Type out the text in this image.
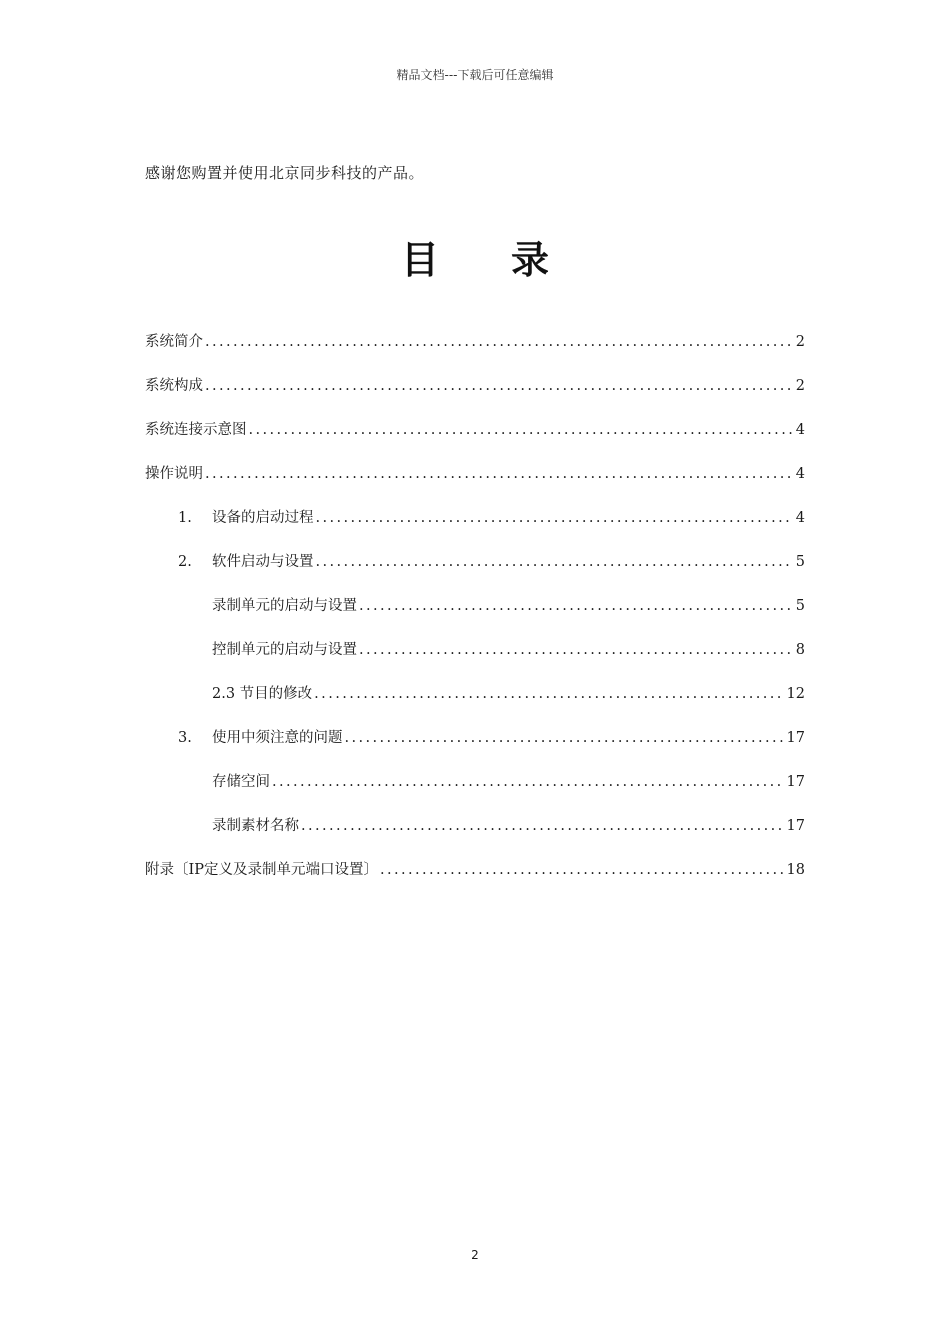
精品文档---下载后可任意编辑
感谢您购置并使用北京同步科技的产品。
目 录
系统简介 .....	2
系统构成 .....	2
系统连接示意图 .....	4
操作说明 .....	4
1.	设备的启动过程 .....	4
2.	软件启动与设置 .....	5
录制单元的启动与设置 .....	5
控制单元的启动与设置 .....	8
2.3 节目的修改 .....	12
3.	使用中须注意的问题 .....	17
存储空间 .....	17
录制素材名称 .....	17
附录〔IP定义及录制单元端口设置〕 .....	18
2
